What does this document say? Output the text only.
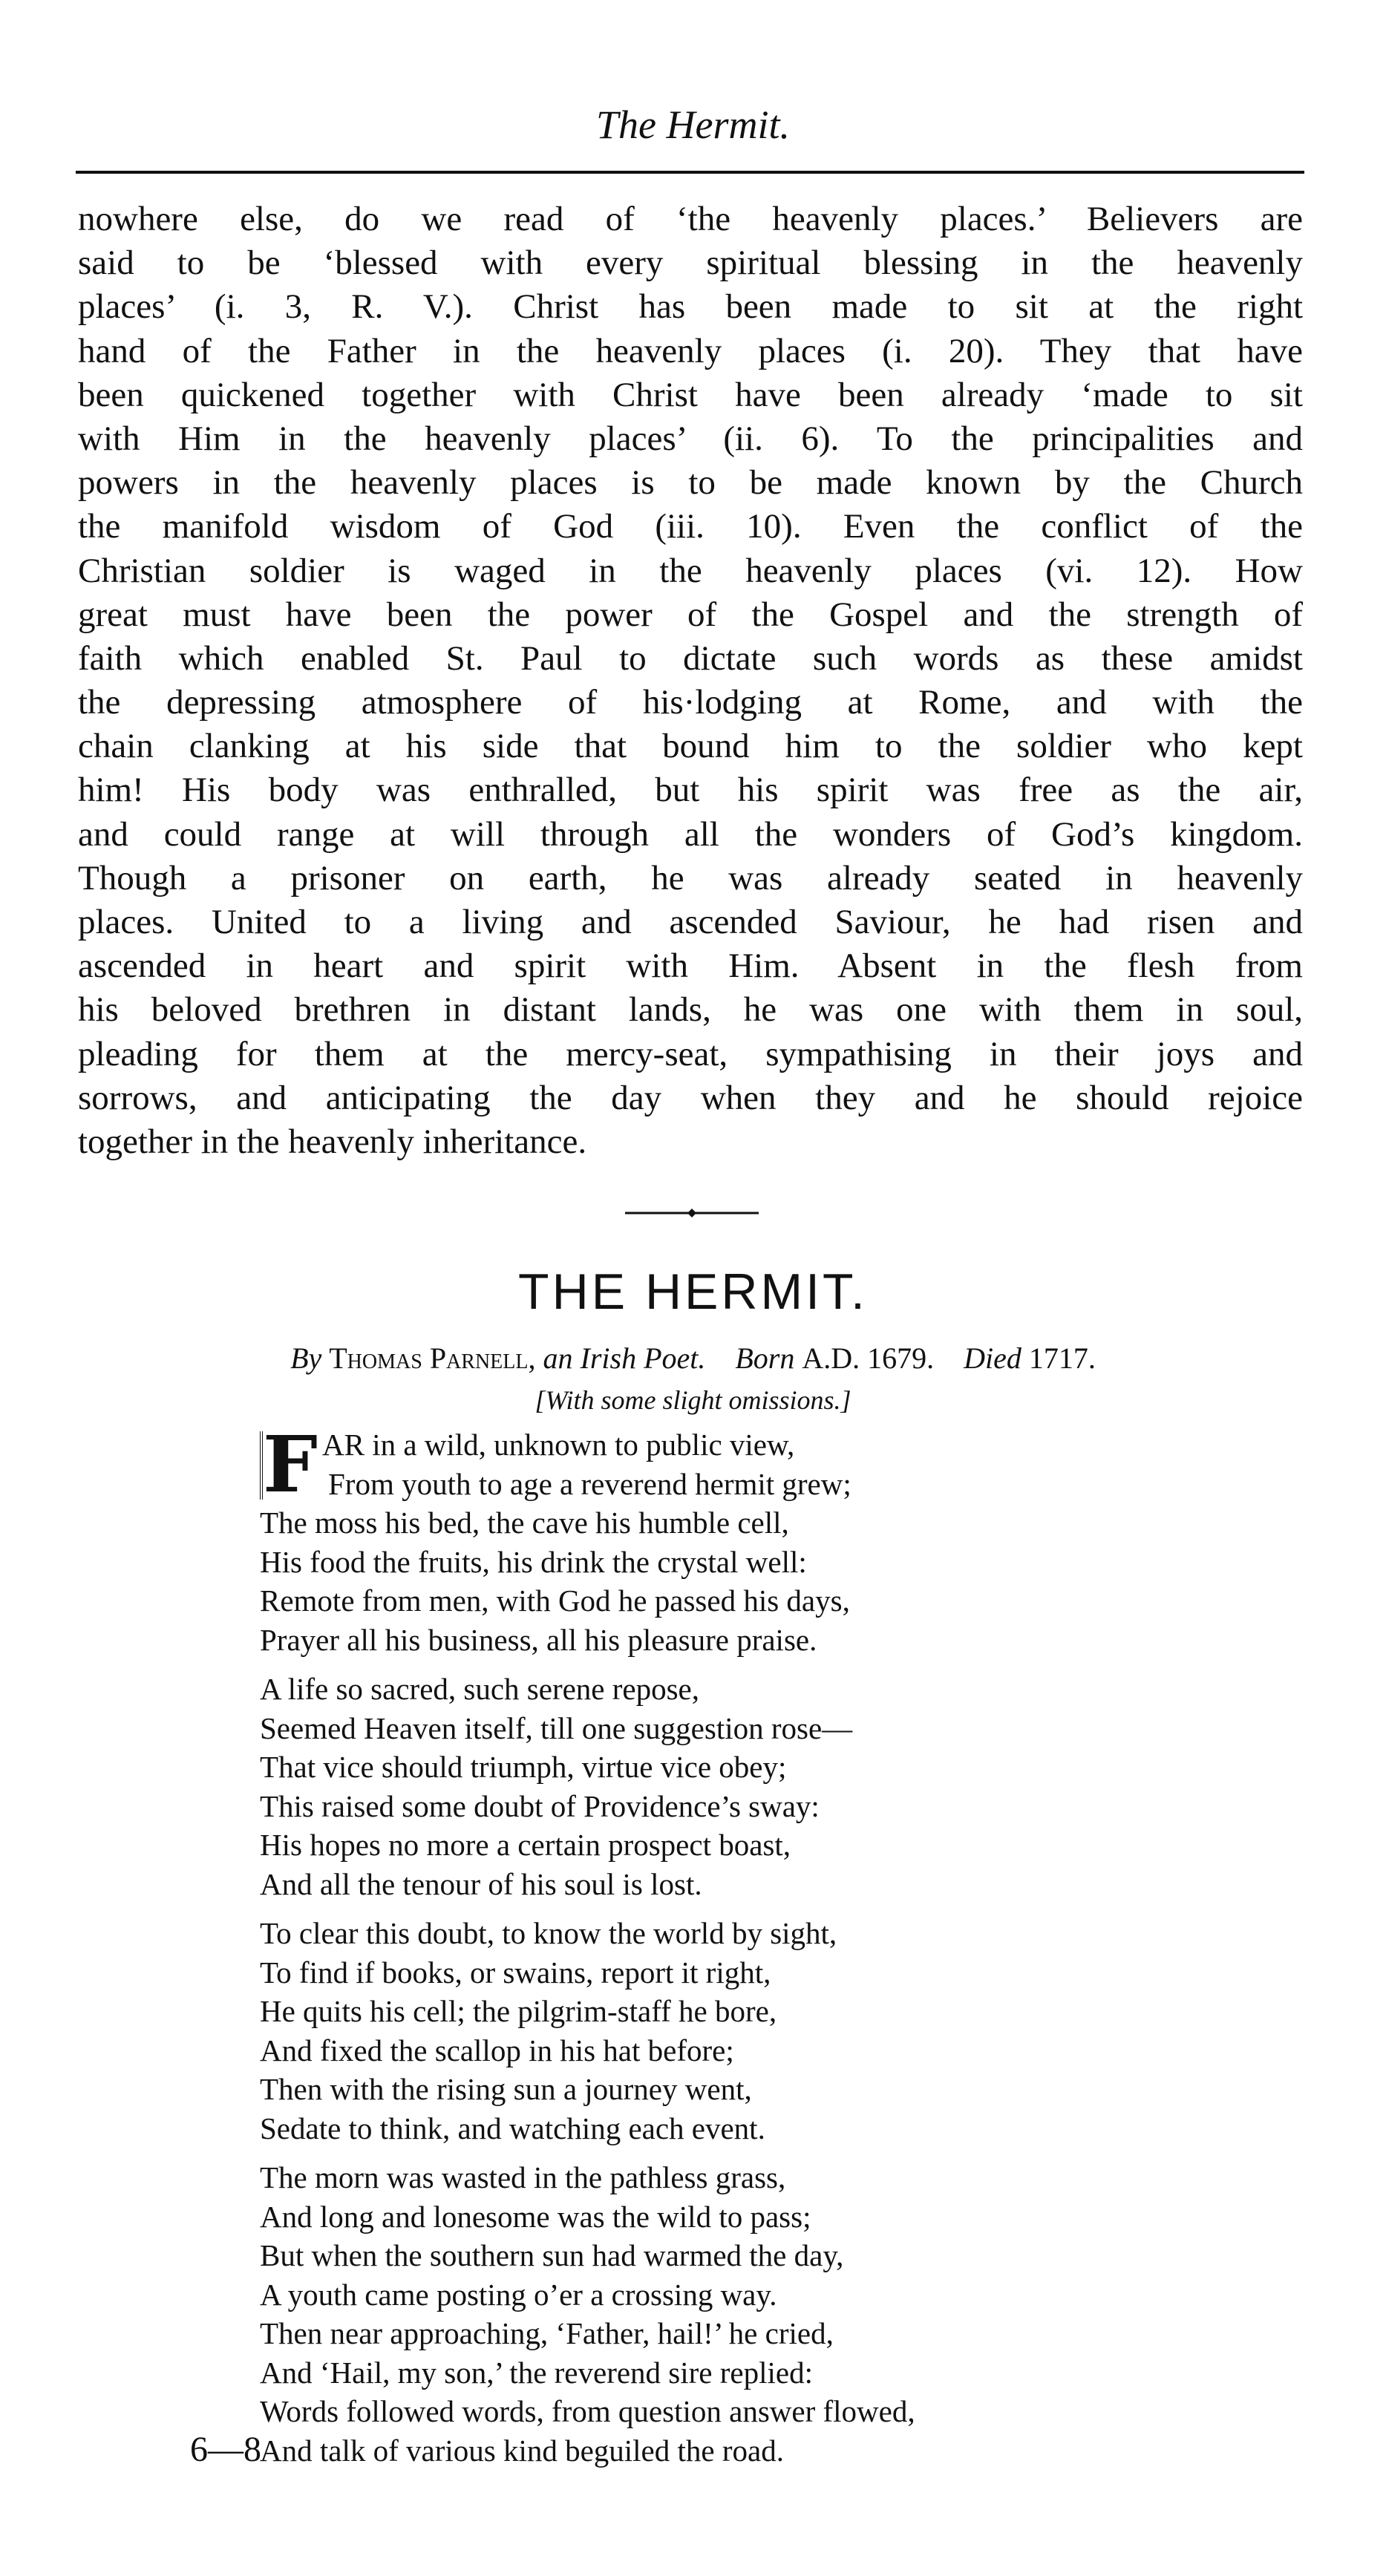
The Hermit.
nowhere else, do we read of ‘the heavenly places.’ Believers are
said to be ‘blessed with every spiritual blessing in the heavenly
places’ (i. 3, R. V.). Christ has been made to sit at the right
hand of the Father in the heavenly places (i. 20). They that have
been quickened together with Christ have been already ‘made to sit
with Him in the heavenly places’ (ii. 6). To the principalities and
powers in the heavenly places is to be made known by the Church
the manifold wisdom of God (iii. 10). Even the conflict of the
Christian soldier is waged in the heavenly places (vi. 12). How
great must have been the power of the Gospel and the strength of
faith which enabled St. Paul to dictate such words as these amidst
the depressing atmosphere of his·lodging at Rome, and with the
chain clanking at his side that bound him to the soldier who kept
him! His body was enthralled, but his spirit was free as the air,
and could range at will through all the wonders of God’s kingdom.
Though a prisoner on earth, he was already seated in heavenly
places. United to a living and ascended Saviour, he had risen and
ascended in heart and spirit with Him. Absent in the flesh from
his beloved brethren in distant lands, he was one with them in soul,
pleading for them at the mercy-seat, sympathising in their joys and
sorrows, and anticipating the day when they and he should rejoice
together in the heavenly inheritance.
THE HERMIT.
By Thomas Parnell, an Irish Poet. Born A.D. 1679. Died 1717.
[With some slight omissions.]
F AR in a wild, unknown to public view,
From youth to age a reverend hermit grew;
The moss his bed, the cave his humble cell,
His food the fruits, his drink the crystal well:
Remote from men, with God he passed his days,
Prayer all his business, all his pleasure praise.
A life so sacred, such serene repose,
Seemed Heaven itself, till one suggestion rose—
That vice should triumph, virtue vice obey;
This raised some doubt of Providence’s sway:
His hopes no more a certain prospect boast,
And all the tenour of his soul is lost.
To clear this doubt, to know the world by sight,
To find if books, or swains, report it right,
He quits his cell; the pilgrim-staff he bore,
And fixed the scallop in his hat before;
Then with the rising sun a journey went,
Sedate to think, and watching each event.
The morn was wasted in the pathless grass,
And long and lonesome was the wild to pass;
But when the southern sun had warmed the day,
A youth came posting o’er a crossing way.
Then near approaching, ‘Father, hail!’ he cried,
And ‘Hail, my son,’ the reverend sire replied:
Words followed words, from question answer flowed,
And talk of various kind beguiled the road.
6—8
